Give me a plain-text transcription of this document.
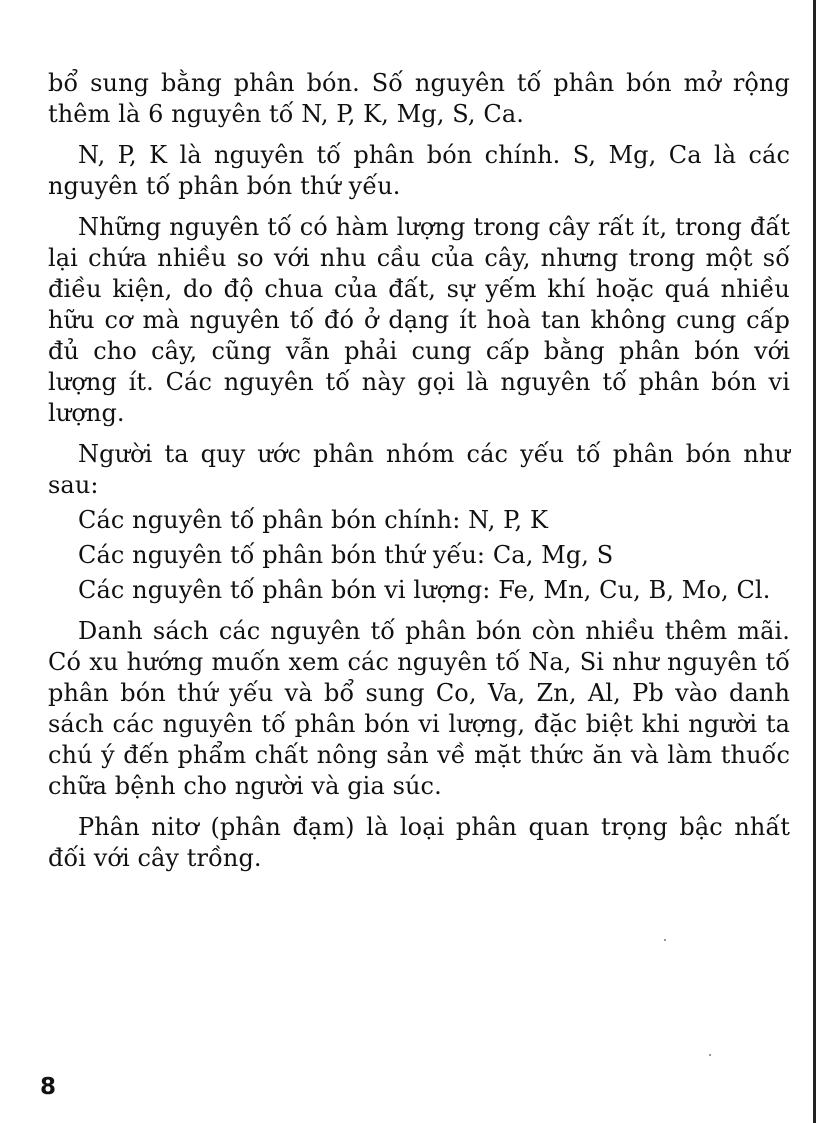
bổ sung bằng phân bón. Số nguyên tố phân bón mở rộng thêm là 6 nguyên tố N, P, K, Mg, S, Ca.

N, P, K là nguyên tố phân bón chính. S, Mg, Ca là các nguyên tố phân bón thứ yếu.

Những nguyên tố có hàm lượng trong cây rất ít, trong đất lại chứa nhiều so với nhu cầu của cây, nhưng trong một số điều kiện, do độ chua của đất, sự yếm khí hoặc quá nhiều hữu cơ mà nguyên tố đó ở dạng ít hoà tan không cung cấp đủ cho cây, cũng vẫn phải cung cấp bằng phân bón với lượng ít. Các nguyên tố này gọi là nguyên tố phân bón vi lượng.

Người ta quy ước phân nhóm các yếu tố phân bón như sau:

Các nguyên tố phân bón chính: N, P, K

Các nguyên tố phân bón thứ yếu: Ca, Mg, S

Các nguyên tố phân bón vi lượng: Fe, Mn, Cu, B, Mo, Cl.

Danh sách các nguyên tố phân bón còn nhiều thêm mãi. Có xu hướng muốn xem các nguyên tố Na, Si như nguyên tố phân bón thứ yếu và bổ sung Co, Va, Zn, Al, Pb vào danh sách các nguyên tố phân bón vi lượng, đặc biệt khi người ta chú ý đến phẩm chất nông sản về mặt thức ăn và làm thuốc chữa bệnh cho người và gia súc.

Phân nitơ (phân đạm) là loại phân quan trọng bậc nhất đối với cây trồng.

8
